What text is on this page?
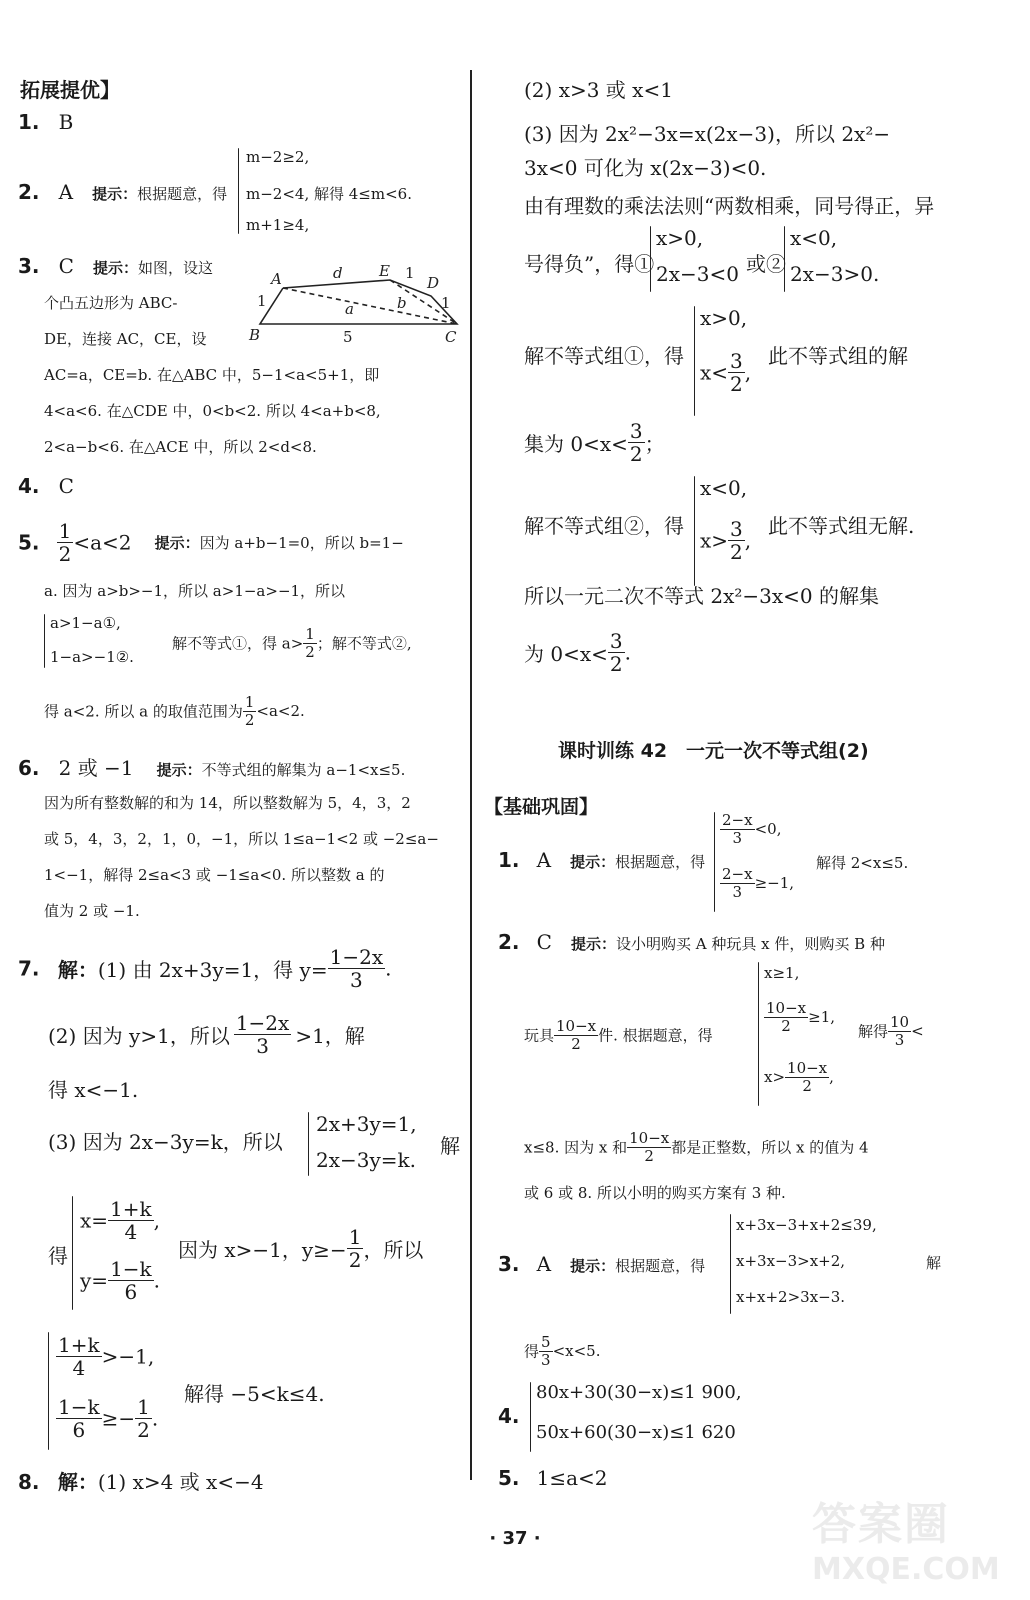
拓展提优】
1. B
2. A 提示：根据题意，得
m−2≥2,
m−2<4, 解得 4≤m<6.
m+1≥4,
3. C 提示：如图，设这
个凸五边形为 ABC-
DE，连接 AC，CE，设
AC=a，CE=b. 在△ABC 中，5−1<a<5+1，即
4<a<6. 在△CDE 中，0<b<2. 所以 4<a+b<8,
2<a−b<6. 在△ACE 中，所以 2<d<8.
A
B	C
D
E
d
a	b
1
1
1
5
4. C
5. $\frac{1}{2} <a<2$ 提示：因为 a+b−1=0，所以 b=1−
a. 因为 a>b>−1，所以 a>1−a>−1，所以
a>1−a①,
1−a>−1②.
解不等式①，得 $a> \frac{1}{2}$ ；解不等式②,
得 a<2. 所以 a 的取值范围为 $\frac{1}{2} <a<2$.
6. 2 或 −1 提示：不等式组的解集为 a−1<x≤5.
因为所有整数解的和为 14，所以整数解为 5，4，3，2
或 5，4，3，2，1，0，−1，所以 1≤a−1<2 或 −2≤a−
1<−1，解得 2≤a<3 或 −1≤a<0. 所以整数 a 的
值为 2 或 −1.
7. 解：(1) 由 2x+3y=1，得 $y= \frac{1-2x}{3}$ .
(2) 因为 y>1，所以 $\frac{1-2x}{3} >1$，解
得 x<−1.
(3) 因为 2x−3y=k，所以
2x+3y=1,
2x−3y=k.
解
得
$x= \frac{1+k}{4}$ ,
$y= \frac{1-k}{6}$ .
因为 x>−1，$y\ge- \frac{1}{2}$ ，所以
$\frac{1+k}{4} >-1$,
$\frac{1-k}{6} \ge- \frac{1}{2}$ .
解得 −5<k≤4.
8. 解：(1) x>4 或 x<−4
(2) x>3 或 x<1
(3) 因为 2x²−3x=x(2x−3)，所以 2x²−
3x<0 可化为 x(2x−3)<0.
由有理数的乘法法则“两数相乘，同号得正，异
号得负”，得①
x>0,
2x−3<0 或②
x<0,
2x−3>0.
解不等式组①，得
x>0,
$x< \frac{3}{2}$ ,
此不等式组的解
集为 $0<x< \frac{3}{2}$ ；
解不等式组②，得
x<0,
$x> \frac{3}{2}$ ,
此不等式组无解.
所以一元二次不等式 2x²−3x<0 的解集
为 $0<x< \frac{3}{2}$ .
课时训练 42　一元一次不等式组(2)
【基础巩固】
1. A 提示：根据题意，得
$\frac{2-x}{3} <0$,
$\frac{2-x}{3} \ge-1$,
解得 2<x≤5.
2. C 提示：设小明购买 A 种玩具 x 件，则购买 B 种
玩具 $\frac{10-x}{2}$ 件. 根据题意，得
x≥1,
$\frac{10-x}{2} \ge 1$,
$x> \frac{10-x}{2}$ ,
解得 $\frac{10}{3}$ <
x≤8. 因为 x 和 $\frac{10-x}{2}$ 都是正整数，所以 x 的值为 4
或 6 或 8. 所以小明的购买方案有 3 种.
3. A 提示：根据题意，得
x+3x−3+x+2≤39,
x+3x−3>x+2,
x+x+2>3x−3.
解
得 $\frac{5}{3} <x<5$.
4.
80x+30(30−x)≤1 900,
50x+60(30−x)≤1 620
5. 1≤a<2
· 37 ·	答案圈
MXQE.COM
